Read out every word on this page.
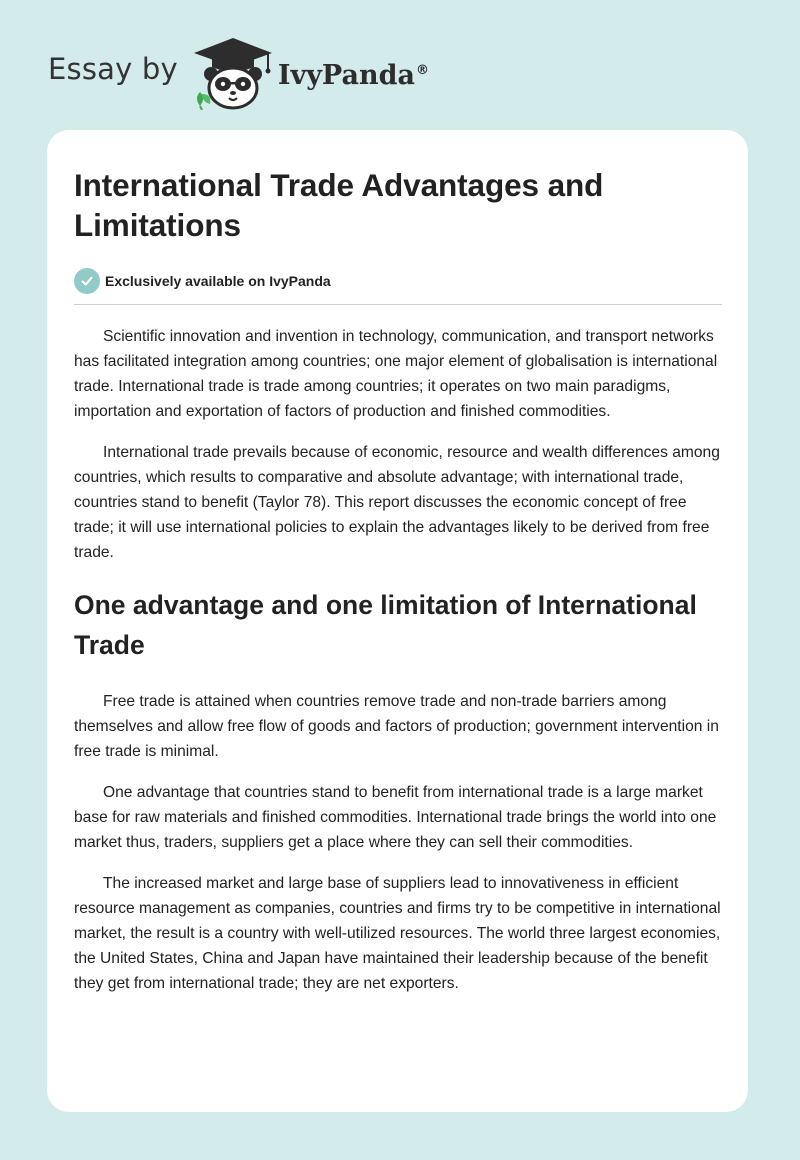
Essay by	IvyPanda®
International Trade Advantages and Limitations
Exclusively available on IvyPanda

Scientific innovation and invention in technology, communication, and transport networks has facilitated integration among countries; one major element of globalisation is international trade. International trade is trade among countries; it operates on two main paradigms, importation and exportation of factors of production and finished commodities.

International trade prevails because of economic, resource and wealth differences among countries, which results to comparative and absolute advantage; with international trade, countries stand to benefit (Taylor 78). This report discusses the economic concept of free trade; it will use international policies to explain the advantages likely to be derived from free trade.

One advantage and one limitation of International Trade

Free trade is attained when countries remove trade and non-trade barriers among themselves and allow free flow of goods and factors of production; government intervention in free trade is minimal.

One advantage that countries stand to benefit from international trade is a large market base for raw materials and finished commodities. International trade brings the world into one market thus, traders, suppliers get a place where they can sell their commodities.

The increased market and large base of suppliers lead to innovativeness in efficient resource management as companies, countries and firms try to be competitive in international market, the result is a country with well-utilized resources. The world three largest economies, the United States, China and Japan have maintained their leadership because of the benefit they get from international trade; they are net exporters.
